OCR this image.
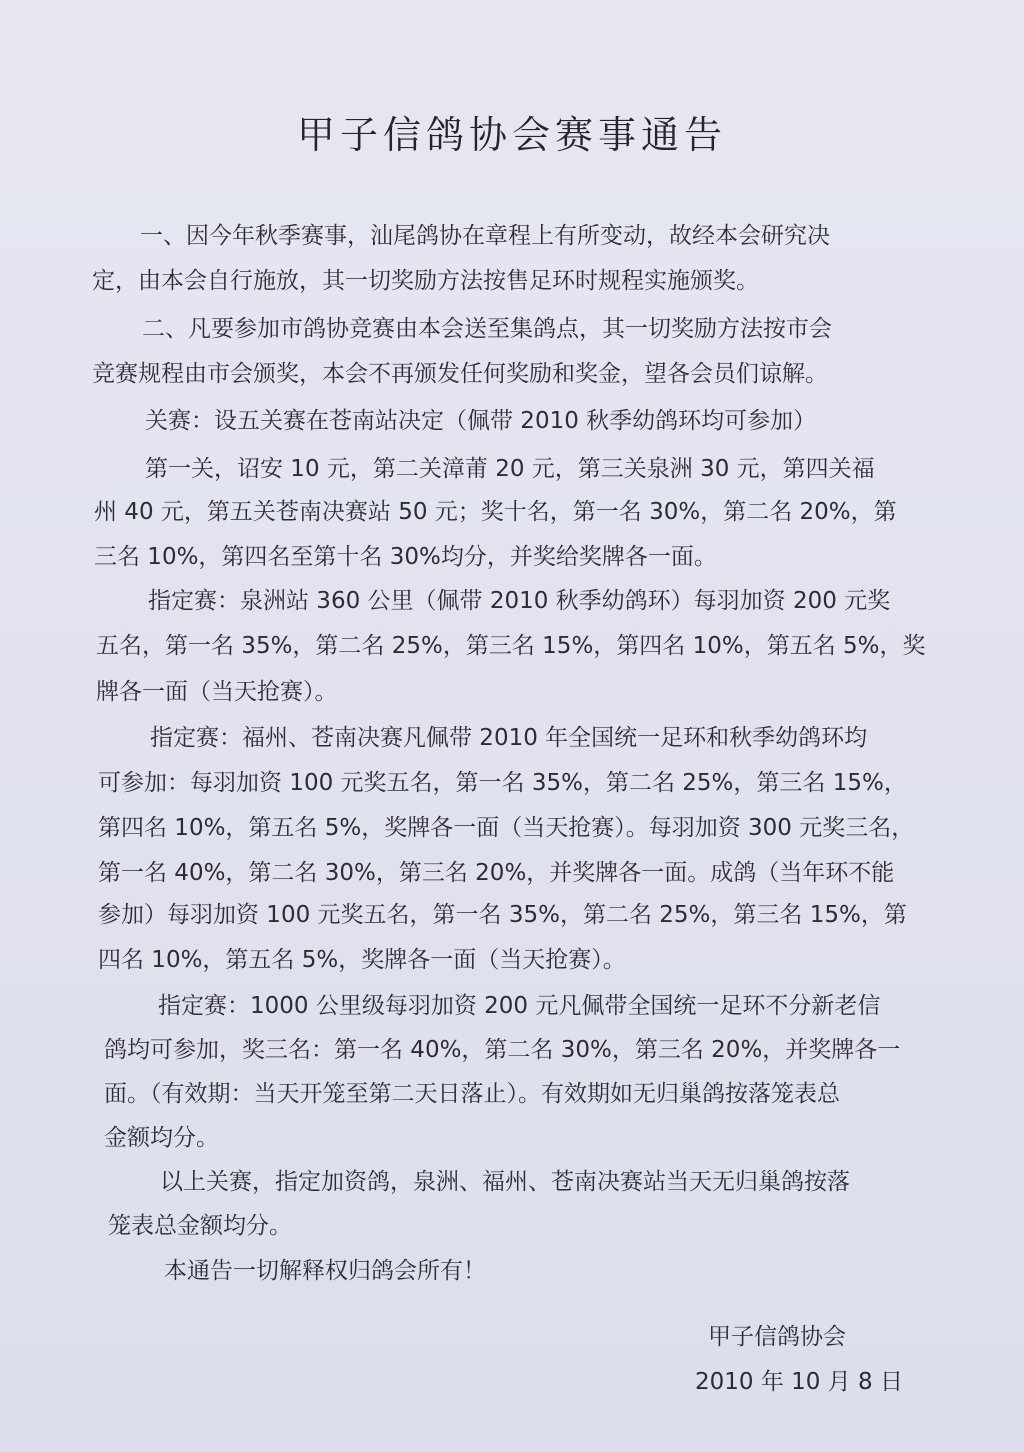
甲子信鸽协会赛事通告
一、因今年秋季赛事，汕尾鸽协在章程上有所变动，故经本会研究决
定，由本会自行施放，其一切奖励方法按售足环时规程实施颁奖。
二、凡要参加市鸽协竞赛由本会送至集鸽点，其一切奖励方法按市会
竞赛规程由市会颁奖，本会不再颁发任何奖励和奖金，望各会员们谅解。
关赛：设五关赛在苍南站决定（佩带 2010 秋季幼鸽环均可参加）
第一关，诏安 10 元，第二关漳莆 20 元，第三关泉洲 30 元，第四关福
州 40 元，第五关苍南决赛站 50 元；奖十名，第一名 30%，第二名 20%，第
三名 10%，第四名至第十名 30%均分，并奖给奖牌各一面。
指定赛：泉洲站 360 公里（佩带 2010 秋季幼鸽环）每羽加资 200 元奖
五名，第一名 35%，第二名 25%，第三名 15%，第四名 10%，第五名 5%，奖
牌各一面（当天抢赛）。
指定赛：福州、苍南决赛凡佩带 2010 年全国统一足环和秋季幼鸽环均
可参加：每羽加资 100 元奖五名，第一名 35%，第二名 25%，第三名 15%，
第四名 10%，第五名 5%，奖牌各一面（当天抢赛）。每羽加资 300 元奖三名，
第一名 40%，第二名 30%，第三名 20%，并奖牌各一面。成鸽（当年环不能
参加）每羽加资 100 元奖五名，第一名 35%，第二名 25%，第三名 15%，第
四名 10%，第五名 5%，奖牌各一面（当天抢赛）。
指定赛：1000 公里级每羽加资 200 元凡佩带全国统一足环不分新老信
鸽均可参加，奖三名：第一名 40%，第二名 30%，第三名 20%，并奖牌各一
面。（有效期：当天开笼至第二天日落止）。有效期如无归巢鸽按落笼表总
金额均分。
以上关赛，指定加资鸽，泉洲、福州、苍南决赛站当天无归巢鸽按落
笼表总金额均分。
本通告一切解释权归鸽会所有！
甲子信鸽协会
2010 年 10 月 8 日
